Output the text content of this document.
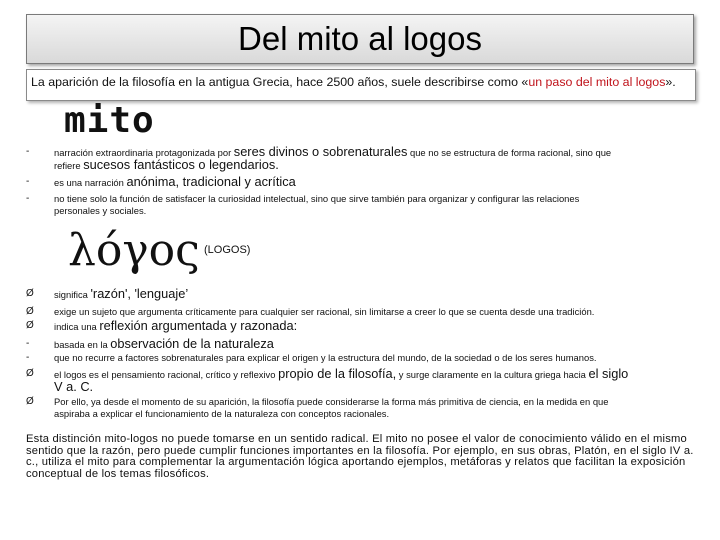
Del mito al logos
La aparición de la filosofía en la antigua Grecia, hace 2500 años, suele describirse como «un paso del mito al logos».
mito
-	narración extraordinaria protagonizada por seres divinos o sobrenaturales que no se estructura de forma racional, sino que
refiere sucesos fantásticos o legendarios.
-	es una narración anónima, tradicional y acrítica
-	no tiene solo la función de satisfacer la curiosidad intelectual, sino que sirve también para organizar y configurar las relaciones
personales y sociales.
λόγος (LOGOS)
Ø	significa 'razón', 'lenguaje’
Ø	exige un sujeto que argumenta críticamente para cualquier ser racional, sin limitarse a creer lo que se cuenta desde una tradición.
Ø	indica una reflexión argumentada y razonada:
-	basada en la observación de la naturaleza
-	que no recurre a factores sobrenaturales para explicar el origen y la estructura del mundo, de la sociedad o de los seres humanos.
Ø	el logos es el pensamiento racional, crítico y reflexivo propio de la filosofía, y surge claramente en la cultura griega hacia el siglo
V a. C.
Ø	Por ello, ya desde el momento de su aparición, la filosofía puede considerarse la forma más primitiva de ciencia, en la medida en que
aspiraba a explicar el funcionamiento de la naturaleza con conceptos racionales.
Esta distinción mito-logos no puede tomarse en un sentido radical. El mito no posee el valor de conocimiento válido en el mismo sentido que la razón, pero puede cumplir funciones importantes en la filosofía. Por ejemplo, en sus obras, Platón, en el siglo IV a. c., utiliza el mito para complementar la argumentación lógica aportando ejemplos, metáforas y relatos que facilitan la exposición conceptual de los temas filosóficos.
